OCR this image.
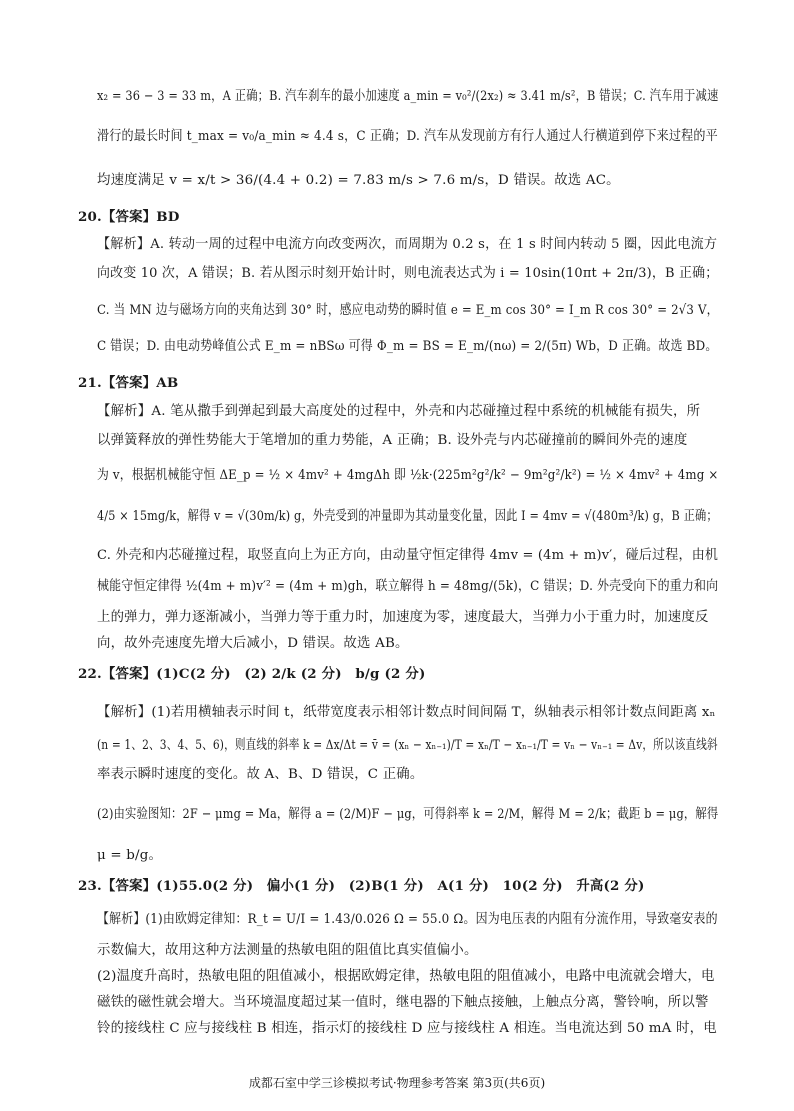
x₂ = 36 − 3 = 33 m，A 正确；B. 汽车刹车的最小加速度 a_min = v₀²/(2x₂) ≈ 3.41 m/s²，B 错误；C. 汽车用于减速
滑行的最长时间 t_max = v₀/a_min ≈ 4.4 s，C 正确；D. 汽车从发现前方有行人通过人行横道到停下来过程的平
均速度满足 v = x/t > 36/(4.4 + 0.2) = 7.83 m/s > 7.6 m/s，D 错误。故选 AC。
20.【答案】BD
【解析】A. 转动一周的过程中电流方向改变两次，而周期为 0.2 s，在 1 s 时间内转动 5 圈，因此电流方
向改变 10 次，A 错误；B. 若从图示时刻开始计时，则电流表达式为 i = 10sin(10πt + 2π/3)，B 正确；
C. 当 MN 边与磁场方向的夹角达到 30° 时，感应电动势的瞬时值 e = E_m cos 30° = I_m R cos 30° = 2√3 V，
C 错误；D. 由电动势峰值公式 E_m = nBSω 可得 Φ_m = BS = E_m/(nω) = 2/(5π) Wb，D 正确。故选 BD。
21.【答案】AB
【解析】A. 笔从撒手到弹起到最大高度处的过程中，外壳和内芯碰撞过程中系统的机械能有损失，所
以弹簧释放的弹性势能大于笔增加的重力势能，A 正确；B. 设外壳与内芯碰撞前的瞬间外壳的速度
为 v，根据机械能守恒 ΔE_p = ½ × 4mv² + 4mgΔh 即 ½k·(225m²g²/k² − 9m²g²/k²) = ½ × 4mv² + 4mg ×
4/5 × 15mg/k，解得 v = √(30m/k) g，外壳受到的冲量即为其动量变化量，因此 I = 4mv = √(480m³/k) g，B 正确；
C. 外壳和内芯碰撞过程，取竖直向上为正方向，由动量守恒定律得 4mv = (4m + m)v′，碰后过程，由机
械能守恒定律得 ½(4m + m)v′² = (4m + m)gh，联立解得 h = 48mg/(5k)，C 错误；D. 外壳受向下的重力和向
上的弹力，弹力逐渐减小，当弹力等于重力时，加速度为零，速度最大，当弹力小于重力时，加速度反
向，故外壳速度先增大后减小，D 错误。故选 AB。
22.【答案】(1)C(2 分)　(2) 2/k (2 分)　b/g (2 分)
【解析】(1)若用横轴表示时间 t，纸带宽度表示相邻计数点时间间隔 T，纵轴表示相邻计数点间距离 xₙ
(n = 1、2、3、4、5、6)，则直线的斜率 k = Δx/Δt = v̄ = (xₙ − xₙ₋₁)/T = xₙ/T − xₙ₋₁/T = vₙ − vₙ₋₁ = Δv，所以该直线斜
率表示瞬时速度的变化。故 A、B、D 错误，C 正确。
(2)由实验图知：2F − μmg = Ma，解得 a = (2/M)F − μg，可得斜率 k = 2/M，解得 M = 2/k；截距 b = μg，解得
μ = b/g。
23.【答案】(1)55.0(2 分)　偏小(1 分)　(2)B(1 分)　A(1 分)　10(2 分)　升高(2 分)
【解析】(1)由欧姆定律知：R_t = U/I = 1.43/0.026 Ω = 55.0 Ω。因为电压表的内阻有分流作用，导致毫安表的
示数偏大，故用这种方法测量的热敏电阻的阻值比真实值偏小。
(2)温度升高时，热敏电阻的阻值减小，根据欧姆定律，热敏电阻的阻值减小，电路中电流就会增大，电
磁铁的磁性就会增大。当环境温度超过某一值时，继电器的下触点接触，上触点分离，警铃响，所以警
铃的接线柱 C 应与接线柱 B 相连，指示灯的接线柱 D 应与接线柱 A 相连。当电流达到 50 mA 时，电
成都石室中学三诊模拟考试·物理参考答案 第3页(共6页)
